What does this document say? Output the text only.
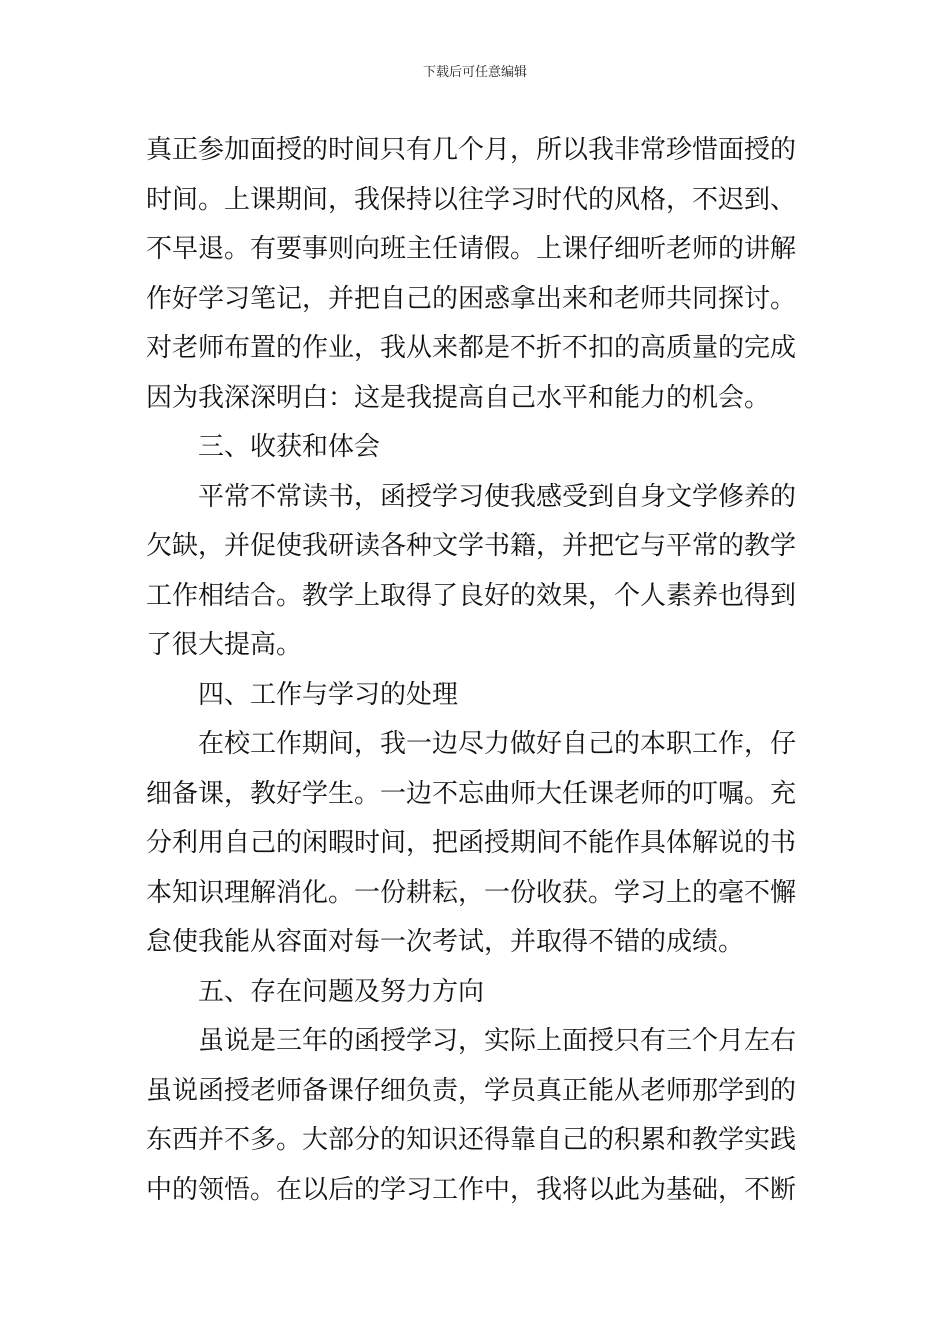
下载后可任意编辑
真正参加面授的时间只有几个月，所以我非常珍惜面授的
时间。上课期间，我保持以往学习时代的风格，不迟到、
不早退。有要事则向班主任请假。上课仔细听老师的讲解
作好学习笔记，并把自己的困惑拿出来和老师共同探讨。
对老师布置的作业，我从来都是不折不扣的高质量的完成
因为我深深明白：这是我提高自己水平和能力的机会。
三、收获和体会
平常不常读书，函授学习使我感受到自身文学修养的
欠缺，并促使我研读各种文学书籍，并把它与平常的教学
工作相结合。教学上取得了良好的效果，个人素养也得到
了很大提高。
四、工作与学习的处理
在校工作期间，我一边尽力做好自己的本职工作，仔
细备课，教好学生。一边不忘曲师大任课老师的叮嘱。充
分利用自己的闲暇时间，把函授期间不能作具体解说的书
本知识理解消化。一份耕耘，一份收获。学习上的毫不懈
怠使我能从容面对每一次考试，并取得不错的成绩。
五、存在问题及努力方向
虽说是三年的函授学习，实际上面授只有三个月左右
虽说函授老师备课仔细负责，学员真正能从老师那学到的
东西并不多。大部分的知识还得靠自己的积累和教学实践
中的领悟。在以后的学习工作中，我将以此为基础，不断
